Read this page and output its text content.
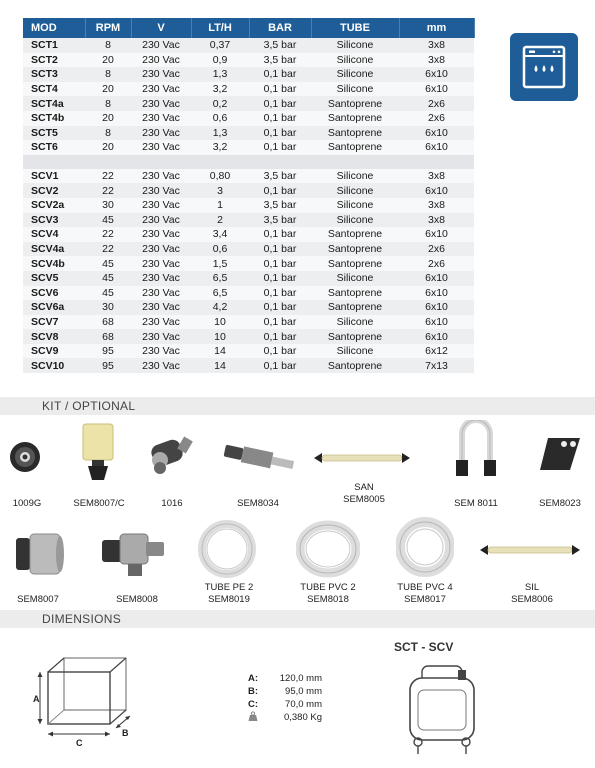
MOD	RPM	V	LT/H	BAR	TUBE	mm
SCT1	8	230 Vac	0,37	3,5 bar	Silicone	3x8
SCT2	20	230 Vac	0,9	3,5 bar	Silicone	3x8
SCT3	8	230 Vac	1,3	0,1 bar	Silicone	6x10
SCT4	20	230 Vac	3,2	0,1 bar	Silicone	6x10
SCT4a	8	230 Vac	0,2	0,1 bar	Santoprene	2x6
SCT4b	20	230 Vac	0,6	0,1 bar	Santoprene	2x6
SCT5	8	230 Vac	1,3	0,1 bar	Santoprene	6x10
SCT6	20	230 Vac	3,2	0,1 bar	Santoprene	6x10

SCV1	22	230 Vac	0,80	3,5 bar	Silicone	3x8
SCV2	22	230 Vac	3	0,1 bar	Silicone	6x10
SCV2a	30	230 Vac	1	3,5 bar	Silicone	3x8
SCV3	45	230 Vac	2	3,5 bar	Silicone	3x8
SCV4	22	230 Vac	3,4	0,1 bar	Santoprene	6x10
SCV4a	22	230 Vac	0,6	0,1 bar	Santoprene	2x6
SCV4b	45	230 Vac	1,5	0,1 bar	Santoprene	2x6
SCV5	45	230 Vac	6,5	0,1 bar	Silicone	6x10
SCV6	45	230 Vac	6,5	0,1 bar	Santoprene	6x10
SCV6a	30	230 Vac	4,2	0,1 bar	Santoprene	6x10
SCV7	68	230 Vac	10	0,1 bar	Silicone	6x10
SCV8	68	230 Vac	10	0,1 bar	Santoprene	6x10
SCV9	95	230 Vac	14	0,1 bar	Silicone	6x12
SCV10	95	230 Vac	14	0,1 bar	Santoprene	7x13
KIT / OPTIONAL
1009G	SEM8007/C	1016	SEM8034
SAN
SEM8005	SEM 8011	SEM8023
SEM8007	SEM8008
TUBE PE 2
SEM8019
TUBE PVC 2
SEM8018
TUBE PVC 4
SEM8017
SIL
SEM8006
DIMENSIONS
A
C
B
A:	120,0 mm
B:	95,0 mm
C:	70,0 mm
0,380 Kg
SCT - SCV
